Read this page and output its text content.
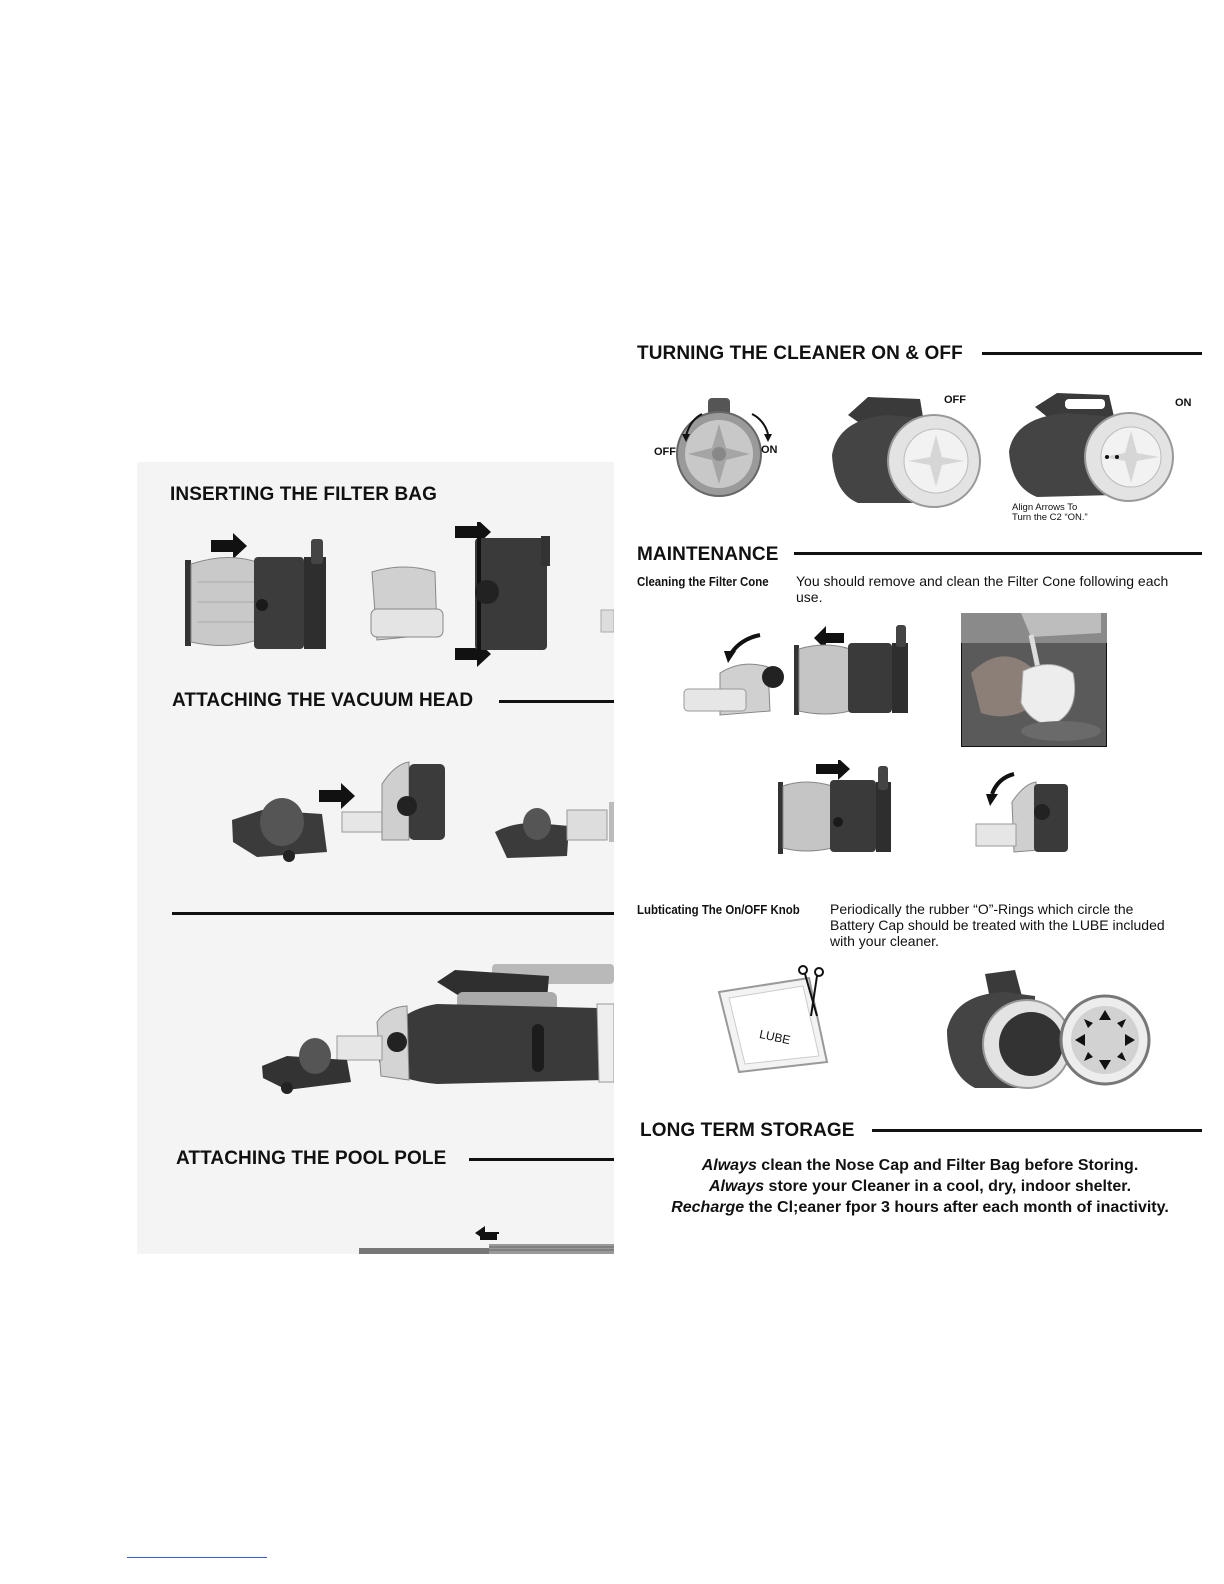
INSERTING THE FILTER BAG
ATTACHING THE VACUUM HEAD
ATTACHING THE POOL POLE
TURNING THE CLEANER ON & OFF
OFF	ON
OFF	ON
Align Arrows To
Turn the C2 “ON.”
MAINTENANCE
Cleaning the Filter Cone You should remove and clean the Filter Cone following each use.
Lubticating The On/OFF Knob Periodically the rubber “O”-Rings which circle the Battery Cap should be treated with the LUBE included with your cleaner.
LUBE
LONG TERM STORAGE
Always clean the Nose Cap and Filter Bag before Storing.
Always store your Cleaner in a cool, dry, indoor shelter.
Recharge the Cl;eaner fpor 3 hours after each month of inactivity.
